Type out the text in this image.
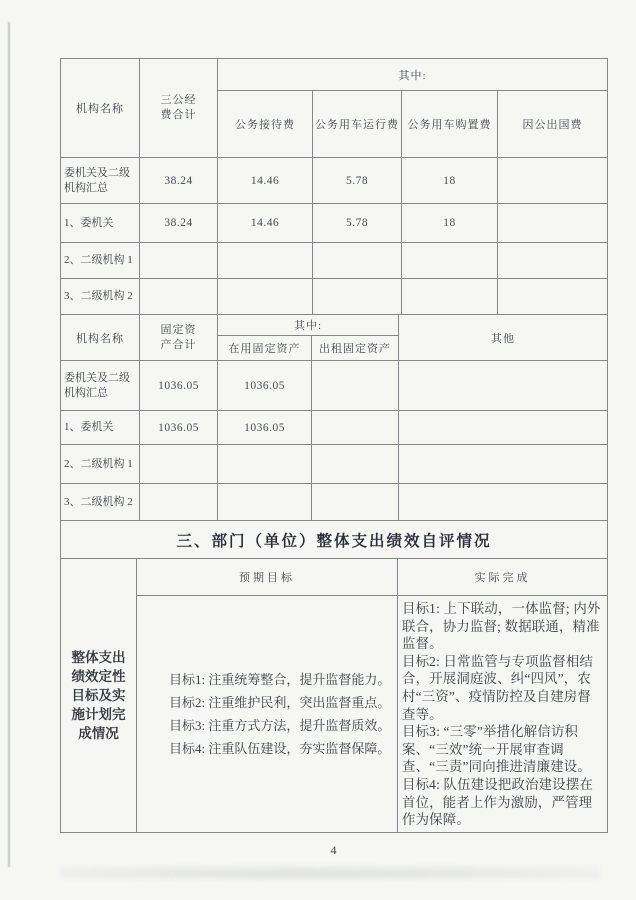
机构名称	三公经费合计	其中:			
		公务接待费	公务用车运行费	公务用车购置费	因公出国费
委机关及二级机构汇总	38.24	14.46	5.78	18	
1、委机关	38.24	14.46	5.78	18	
2、二级机构 1					
3、二级机构 2					
机构名称	固定资产合计	其中:		其他
		在用固定资产	出租固定资产	
委机关及二级机构汇总	1036.05	1036.05		
1、委机关	1036.05	1036.05		
2、二级机构 1				
3、二级机构 2				
三、部门（单位）整体支出绩效自评情况		
整体支出绩效定性目标及实施计划完成情况	预期目标	实际完成

目标1: 注重统筹整合，提升监督能力。

目标2: 注重维护民利，突出监督重点。

目标3: 注重方式方法，提升监督质效。

目标4: 注重队伍建设，夯实监督保障。

目标1: 上下联动，一体监督; 内外联合，协力监督; 数据联通，精准监督。

目标2: 日常监管与专项监督相结合，开展洞庭波、纠“四风”，农村“三资”、疫情防控及自建房督查等。

目标3: “三零”举措化解信访积案、“三效”统一开展审查调查、“三责”同向推进清廉建设。

目标4: 队伍建设把政治建设摆在首位，能者上作为激励，严管理作为保障。

4
